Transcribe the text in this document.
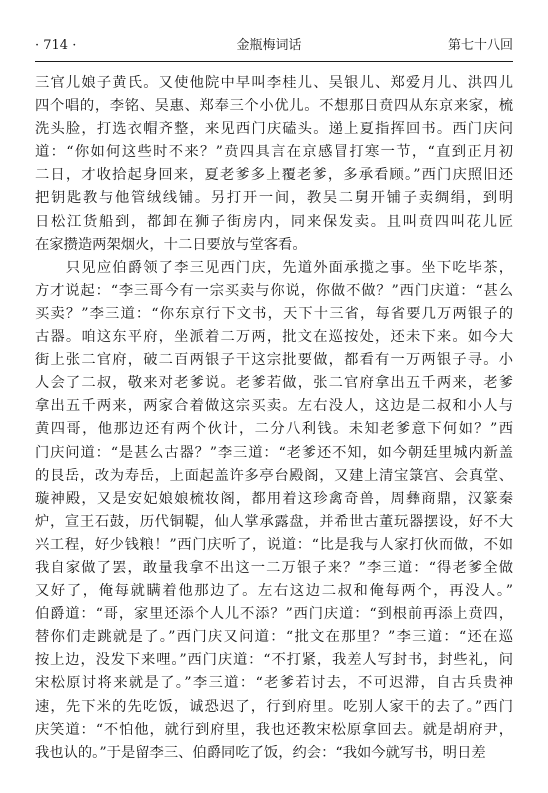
· 714 ·	金瓶梅词话	第七十八回
三官儿娘子黄氏。又使他院中早叫李桂儿、吴银儿、郑爱月儿、洪四儿
四个唱的，李铭、吴惠、郑奉三个小优儿。不想那日贲四从东京来家，梳
洗头脸，打选衣帽齐整，来见西门庆磕头。递上夏指挥回书。西门庆问
道：“你如何这些时不来？”贲四具言在京感冒打寒一节，“直到正月初
二日，才收拾起身回来，夏老爹多上覆老爹，多承看顾。”西门庆照旧还
把钥匙教与他管绒线铺。另打开一间，教吴二舅开铺子卖绸绢，到明
日松江货船到，都卸在狮子街房内，同来保发卖。且叫贲四叫花儿匠
在家攒造两架烟火，十二日要放与堂客看。
　　只见应伯爵领了李三见西门庆，先道外面承揽之事。坐下吃毕茶，
方才说起：“李三哥今有一宗买卖与你说，你做不做？”西门庆道：“甚么
买卖？”李三道：“你东京行下文书，天下十三省，每省要几万两银子的
古器。咱这东平府，坐派着二万两，批文在巡按处，还未下来。如今大
街上张二官府，破二百两银子干这宗批要做，都看有一万两银子寻。小
人会了二叔，敬来对老爹说。老爹若做，张二官府拿出五千两来，老爹
拿出五千两来，两家合着做这宗买卖。左右没人，这边是二叔和小人与
黄四哥，他那边还有两个伙计，二分八利钱。未知老爹意下何如？”西
门庆问道：“是甚么古器？”李三道：“老爹还不知，如今朝廷里城内新盖
的艮岳，改为寿岳，上面起盖许多亭台殿阁，又建上清宝箓宫、会真堂、
璇神殿，又是安妃娘娘梳妆阁，都用着这珍禽奇兽，周彝商鼎，汉篆秦
炉，宣王石鼓，历代铜鞮，仙人掌承露盘，并希世古董玩器摆设，好不大
兴工程，好少钱粮！”西门庆听了，说道：“比是我与人家打伙而做，不如
我自家做了罢，敢量我拿不出这一二万银子来？”李三道：“得老爹全做
又好了，俺每就瞒着他那边了。左右这边二叔和俺每两个，再没人。”
伯爵道：“哥，家里还添个人儿不添？”西门庆道：“到根前再添上贲四，
替你们走跳就是了。”西门庆又问道：“批文在那里？”李三道：“还在巡
按上边，没发下来哩。”西门庆道：“不打紧，我差人写封书，封些礼，问
宋松原讨将来就是了。”李三道：“老爹若讨去，不可迟滞，自古兵贵神
速，先下米的先吃饭，诚恐迟了，行到府里。吃别人家干的去了。”西门
庆笑道：“不怕他，就行到府里，我也还教宋松原拿回去。就是胡府尹，
我也认的。”于是留李三、伯爵同吃了饭，约会：“我如今就写书，明日差
